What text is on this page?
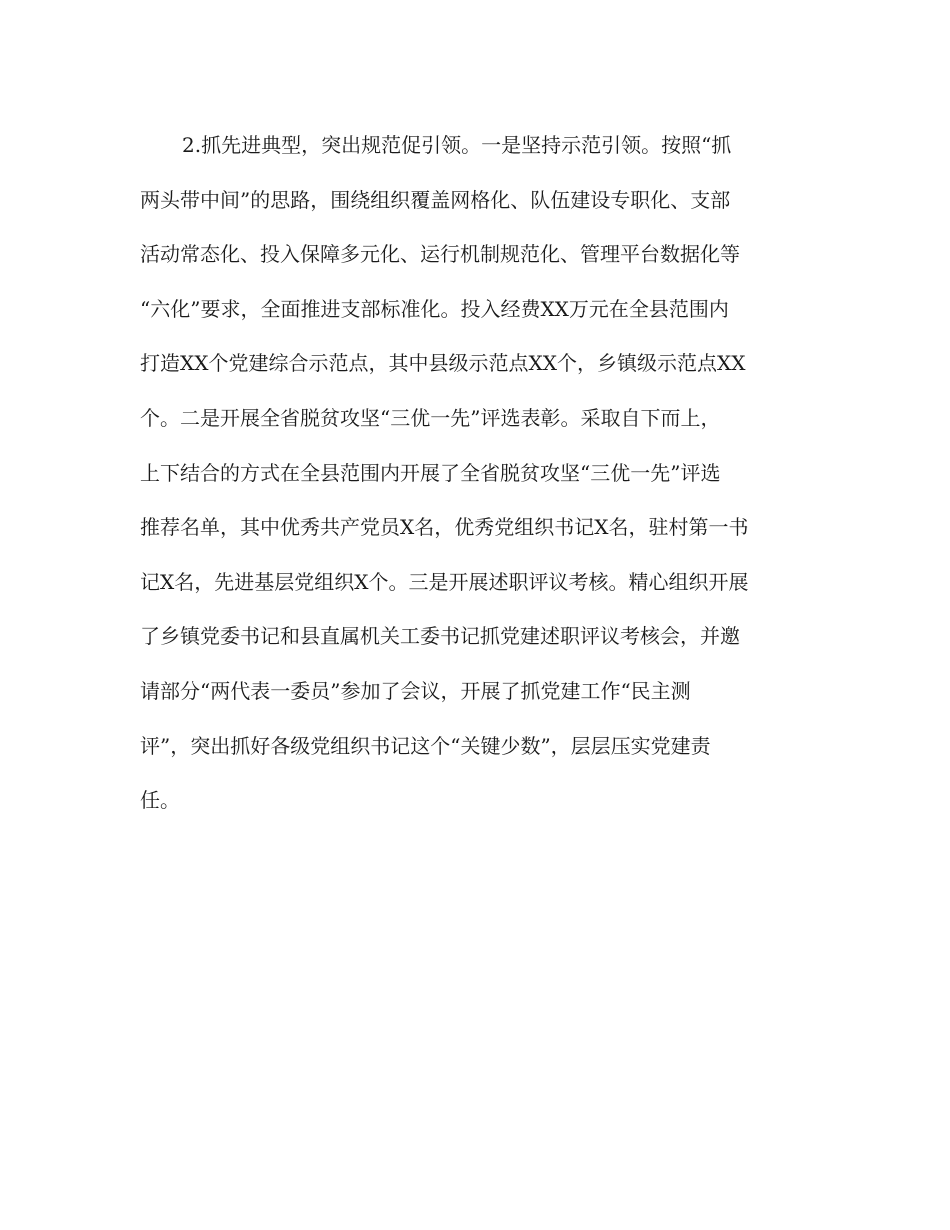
2.抓先进典型，突出规范促引领。一是坚持示范引领。按照“抓
两头带中间”的思路，围绕组织覆盖网格化、队伍建设专职化、支部
活动常态化、投入保障多元化、运行机制规范化、管理平台数据化等
“六化”要求，全面推进支部标准化。投入经费XX万元在全县范围内
打造XX个党建综合示范点，其中县级示范点XX个，乡镇级示范点XX
个。二是开展全省脱贫攻坚“三优一先”评选表彰。采取自下而上，
上下结合的方式在全县范围内开展了全省脱贫攻坚“三优一先”评选
推荐名单，其中优秀共产党员X名，优秀党组织书记X名，驻村第一书
记X名，先进基层党组织X个。三是开展述职评议考核。精心组织开展
了乡镇党委书记和县直属机关工委书记抓党建述职评议考核会，并邀
请部分“两代表一委员”参加了会议，开展了抓党建工作“民主测
评”，突出抓好各级党组织书记这个“关键少数”，层层压实党建责
任。
